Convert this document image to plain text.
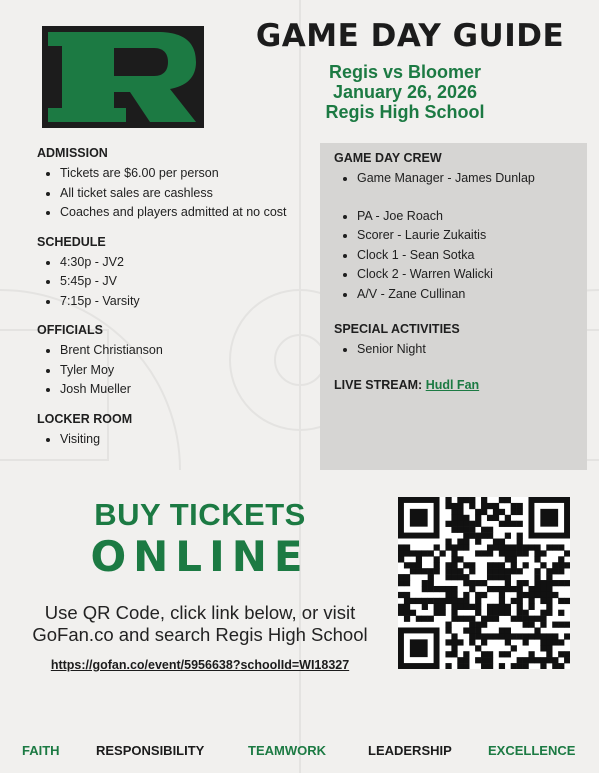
GAME DAY GUIDE
Regis vs Bloomer
January 26, 2026
Regis High School
ADMISSION
• Tickets are $6.00 per person
• All ticket sales are cashless
• Coaches and players admitted at no cost
SCHEDULE
• 4:30p - JV2
• 5:45p - JV
• 7:15p - Varsity
OFFICIALS
• Brent Christianson
• Tyler Moy
• Josh Mueller
LOCKER ROOM
• Visiting
GAME DAY CREW
• Game Manager - James Dunlap
• PA - Joe Roach
• Scorer - Laurie Zukaitis
• Clock 1 - Sean Sotka
• Clock 2 - Warren Walicki
• A/V - Zane Cullinan
SPECIAL ACTIVITIES
• Senior Night
LIVE STREAM: Hudl Fan
BUY TICKETS
ONLINE
Use QR Code, click link below, or visit
GoFan.co and search Regis High School
https://gofan.co/event/5956638?schoolId=WI18327
FAITH	RESPONSIBILITY	TEAMWORK	LEADERSHIP	EXCELLENCE
